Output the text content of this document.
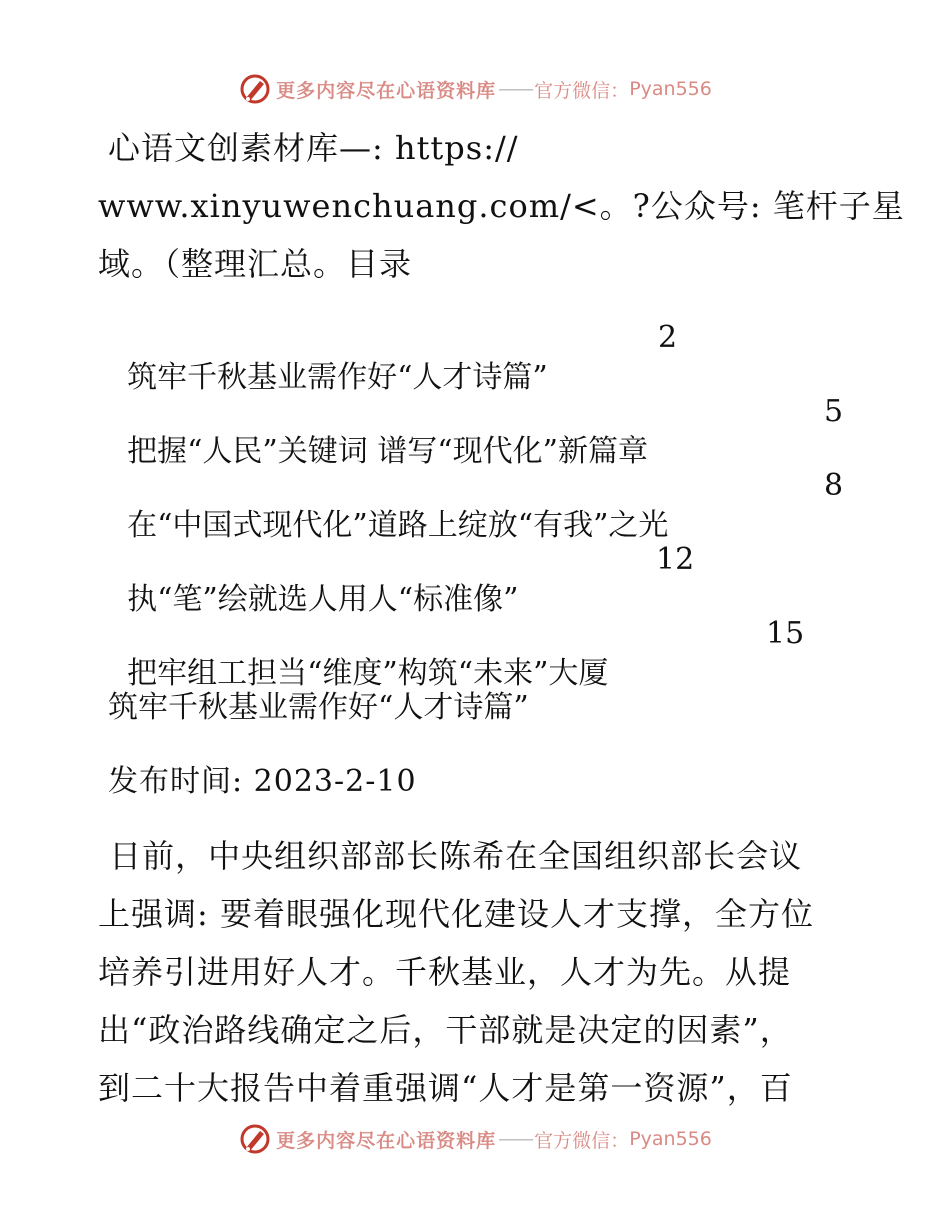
更多内容尽在心语资料库 —— 官方微信： Pyan556
心语文创素材库—: https://
www.xinyuwenchuang.com/<。?公众号: 笔杆子星
域。（整理汇总。目录

筑牢千秋基业需作好“人才诗篇”

2

把握“人民”关键词 谱写“现代化”新篇章

5

在“中国式现代化”道路上绽放“有我”之光

8

执“笔”绘就选人用人“标准像”

12

把牢组工担当“维度”构筑“未来”大厦

15

筑牢千秋基业需作好“人才诗篇”
发布时间: 2023-2-10
日前，中央组织部部长陈希在全国组织部长会议
上强调: 要着眼强化现代化建设人才支撑，全方位
培养引进用好人才。千秋基业，人才为先。从提
出“政治路线确定之后，干部就是决定的因素”，
到二十大报告中着重强调“人才是第一资源”，百
更多内容尽在心语资料库 —— 官方微信： Pyan556
